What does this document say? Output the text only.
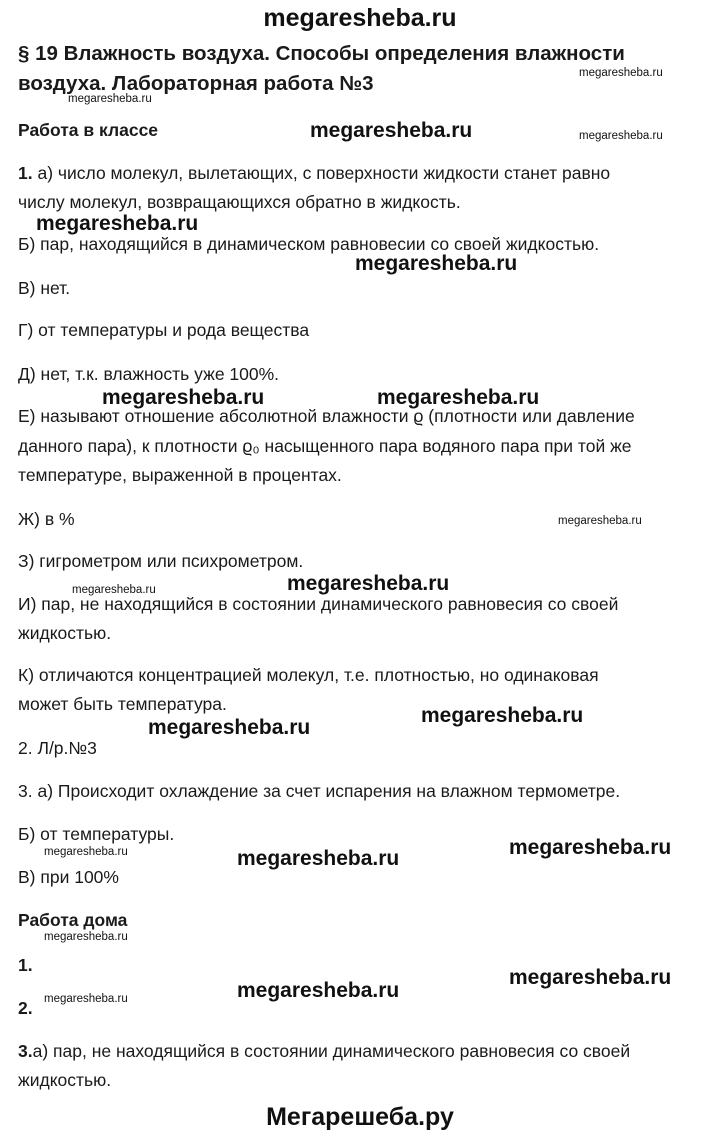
megaresheba.ru
§ 19 Влажность воздуха. Способы определения влажности
воздуха. Лабораторная работа №3
Работа в классе
1. а) число молекул, вылетающих, с поверхности жидкости станет равно
числу молекул, возвращающихся обратно в жидкость.
Б) пар, находящийся в динамическом равновесии со своей жидкостью.
В) нет.
Г) от температуры и рода вещества
Д) нет, т.к. влажность уже 100%.
Е) называют отношение абсолютной влажности ϱ (плотности или давление
данного пара), к плотности ϱ₀ насыщенного пара водяного пара при той же
температуре, выраженной в процентах.
Ж) в %
З) гигрометром или психрометром.
И) пар, не находящийся в состоянии динамического равновесия со своей
жидкостью.
К) отличаются концентрацией молекул, т.е. плотностью, но одинаковая
может быть температура.
2. Л/р.№3
3. а) Происходит охлаждение за счет испарения на влажном термометре.
Б) от температуры.
В) при 100%
Работа дома
1.
2.
3.а) пар, не находящийся в состоянии динамического равновесия со своей
жидкостью.
megaresheba.ru
megaresheba.ru
megaresheba.ru
megaresheba.ru	megaresheba.ru
megaresheba.ru
megaresheba.ru
megaresheba.ru
megaresheba.ru
megaresheba.ru
megaresheba.ru
megaresheba.ru
megaresheba.ru
megaresheba.ru
megaresheba.ru
megaresheba.ru
megaresheba.ru
megaresheba.ru
megaresheba.ru
megaresheba.ru
Мегарешеба.ру
